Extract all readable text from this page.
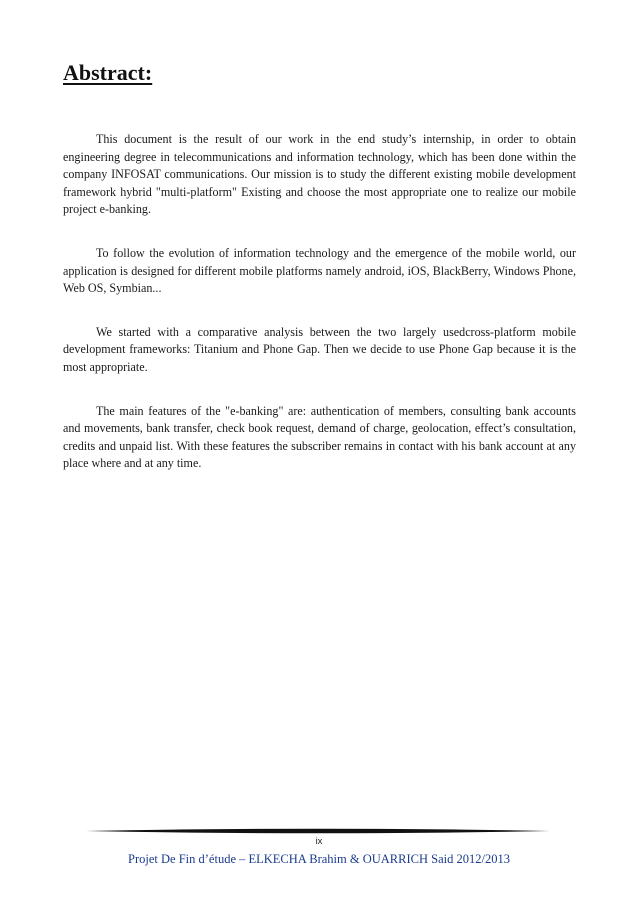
Abstract:

This document is the result of our work in the end study’s internship, in order to obtain engineering degree in telecommunications and information technology, which has been done within the company INFOSAT communications. Our mission is to study the different existing mobile development framework hybrid "multi-platform" Existing and choose the most appropriate one to realize our mobile project e-banking.

To follow the evolution of information technology and the emergence of the mobile world, our application is designed for different mobile platforms namely android, iOS, BlackBerry, Windows Phone, Web OS, Symbian...

We started with a comparative analysis between the two largely usedcross-platform mobile development frameworks: Titanium and Phone Gap. Then we decide to use Phone Gap because it is the most appropriate.

The main features of the "e-banking" are: authentication of members, consulting bank accounts and movements, bank transfer, check book request, demand of charge, geolocation, effect’s consultation, credits and unpaid list. With these features the subscriber remains in contact with his bank account at any place where and at any time.

ix
Projet De Fin d’étude – ELKECHA Brahim & OUARRICH Said 2012/2013
